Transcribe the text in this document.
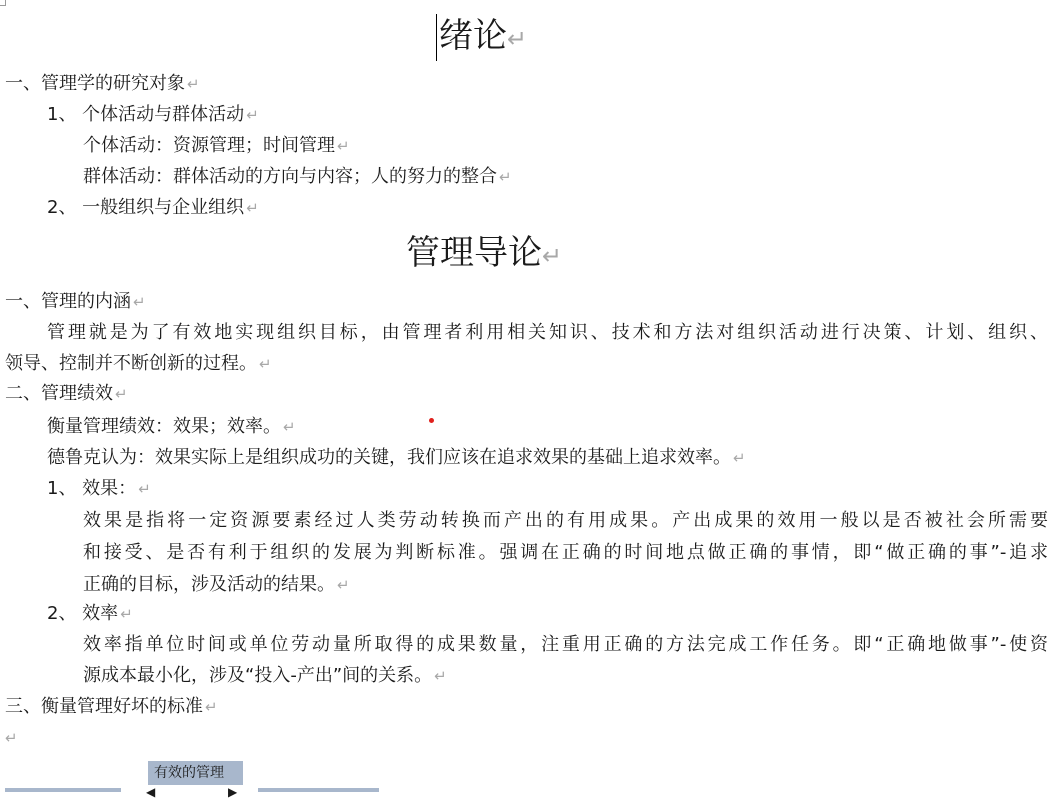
绪论↵
一、管理学的研究对象 ↵
1、 个体活动与群体活动 ↵
个体活动：资源管理；时间管理 ↵
群体活动：群体活动的方向与内容；人的努力的整合 ↵
2、 一般组织与企业组织 ↵
管理导论↵
一、管理的内涵 ↵
管理就是为了有效地实现组织目标，由管理者利用相关知识、技术和方法对组织活动进行决策、计划、组织、
领导、控制并不断创新的过程。 ↵
二、管理绩效 ↵
衡量管理绩效：效果；效率。 ↵
德鲁克认为：效果实际上是组织成功的关键，我们应该在追求效果的基础上追求效率。 ↵
1、 效果： ↵
效果是指将一定资源要素经过人类劳动转换而产出的有用成果。产出成果的效用一般以是否被社会所需要
和接受、是否有利于组织的发展为判断标准。强调在正确的时间地点做正确的事情，即“做正确的事”-追求
正确的目标，涉及活动的结果。 ↵
2、 效率 ↵
效率指单位时间或单位劳动量所取得的成果数量，注重用正确的方法完成工作任务。即“正确地做事”-使资
源成本最小化，涉及“投入-产出”间的关系。 ↵
三、衡量管理好坏的标准 ↵
↵
有效的管理
◀	▶
